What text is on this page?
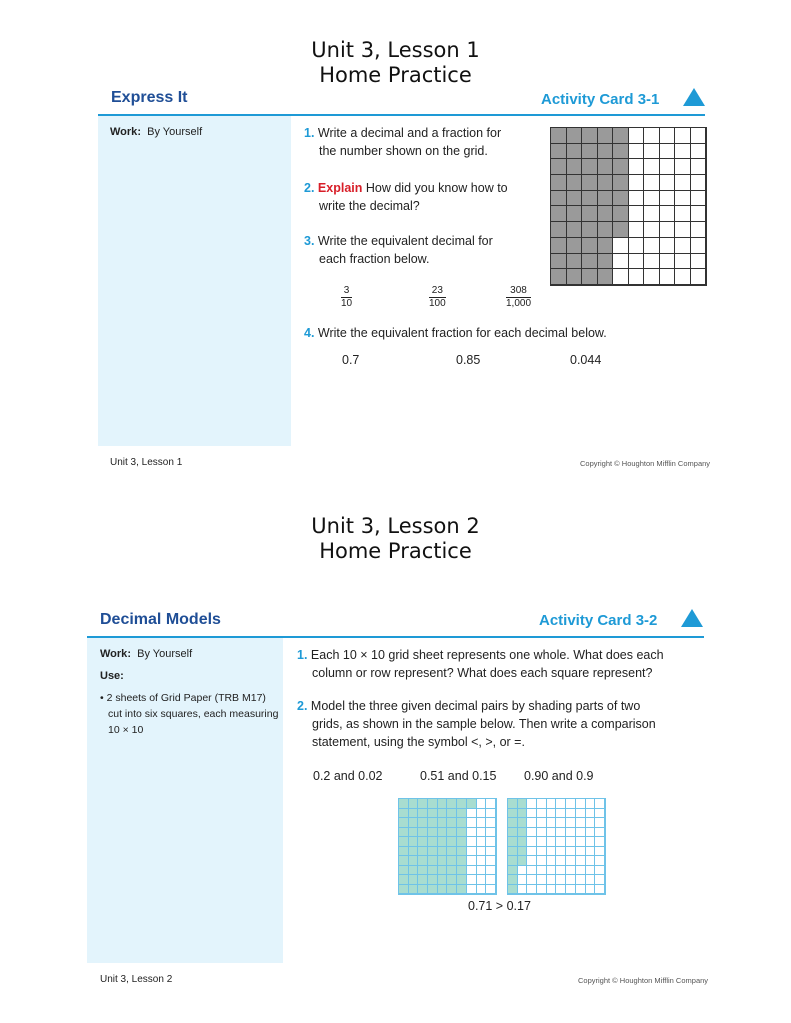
Unit 3, Lesson 1
Home Practice
Express It	Activity Card 3-1
Work: By Yourself	1. Write a decimal and a fraction for
the number shown on the grid.
2. Explain How did you know how to
write the decimal?
3. Write the equivalent decimal for
each fraction below.
$\frac{3}{10}$	$\frac{23}{100}$	$\frac{308}{1,000}$
4. Write the equivalent fraction for each decimal below.
0.7	0.85	0.044
Unit 3, Lesson 1	Copyright © Houghton Mifflin Company
Unit 3, Lesson 2
Home Practice
Decimal Models	Activity Card 3-2
Work: By Yourself
Use:
• 2 sheets of Grid Paper (TRB M17)
cut into six squares, each measuring
10 × 10
1. Each 10 × 10 grid sheet represents one whole. What does each
column or row represent? What does each square represent?
2. Model the three given decimal pairs by shading parts of two
grids, as shown in the sample below. Then write a comparison
statement, using the symbol <, >, or =.
0.2 and 0.02	0.51 and 0.15 0.90 and 0.9
0.71 > 0.17
Unit 3, Lesson 2	Copyright © Houghton Mifflin Company
